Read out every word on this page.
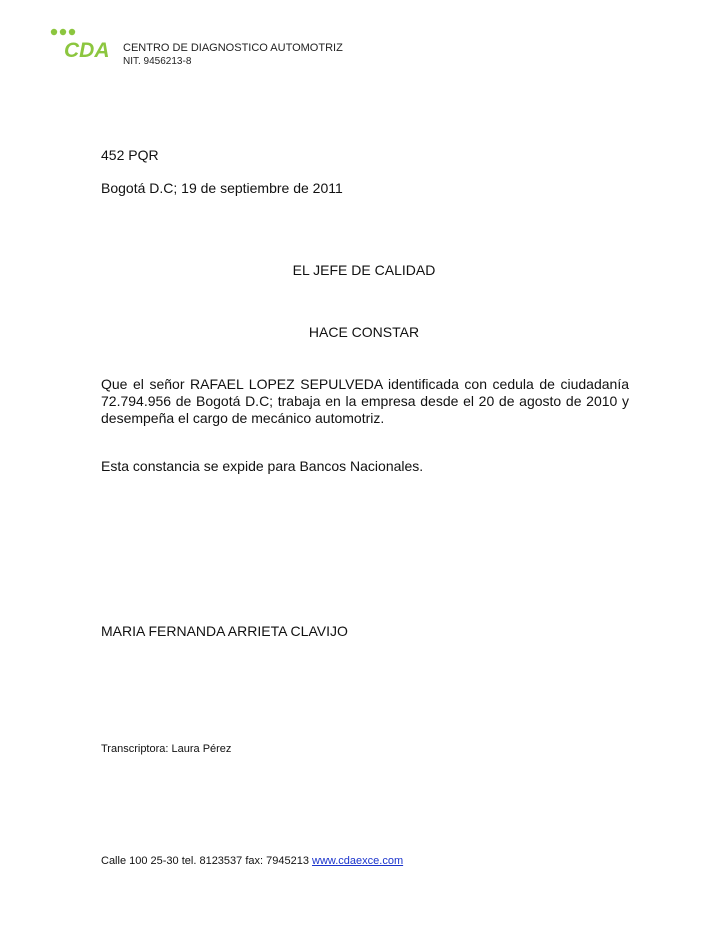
CDA CENTRO DE DIAGNOSTICO AUTOMOTRIZ
NIT. 9456213-8
452 PQR
Bogotá D.C; 19 de septiembre de 2011
EL JEFE DE CALIDAD
HACE CONSTAR
Que el señor RAFAEL LOPEZ SEPULVEDA identificada con cedula de ciudadanía 72.794.956 de Bogotá D.C; trabaja en la empresa desde el 20 de agosto de 2010 y desempeña el cargo de mecánico automotriz.
Esta constancia se expide para Bancos Nacionales.
MARIA FERNANDA ARRIETA CLAVIJO
Transcriptora: Laura Pérez
Calle 100 25-30 tel. 8123537 fax: 7945213 www.cdaexce.com
